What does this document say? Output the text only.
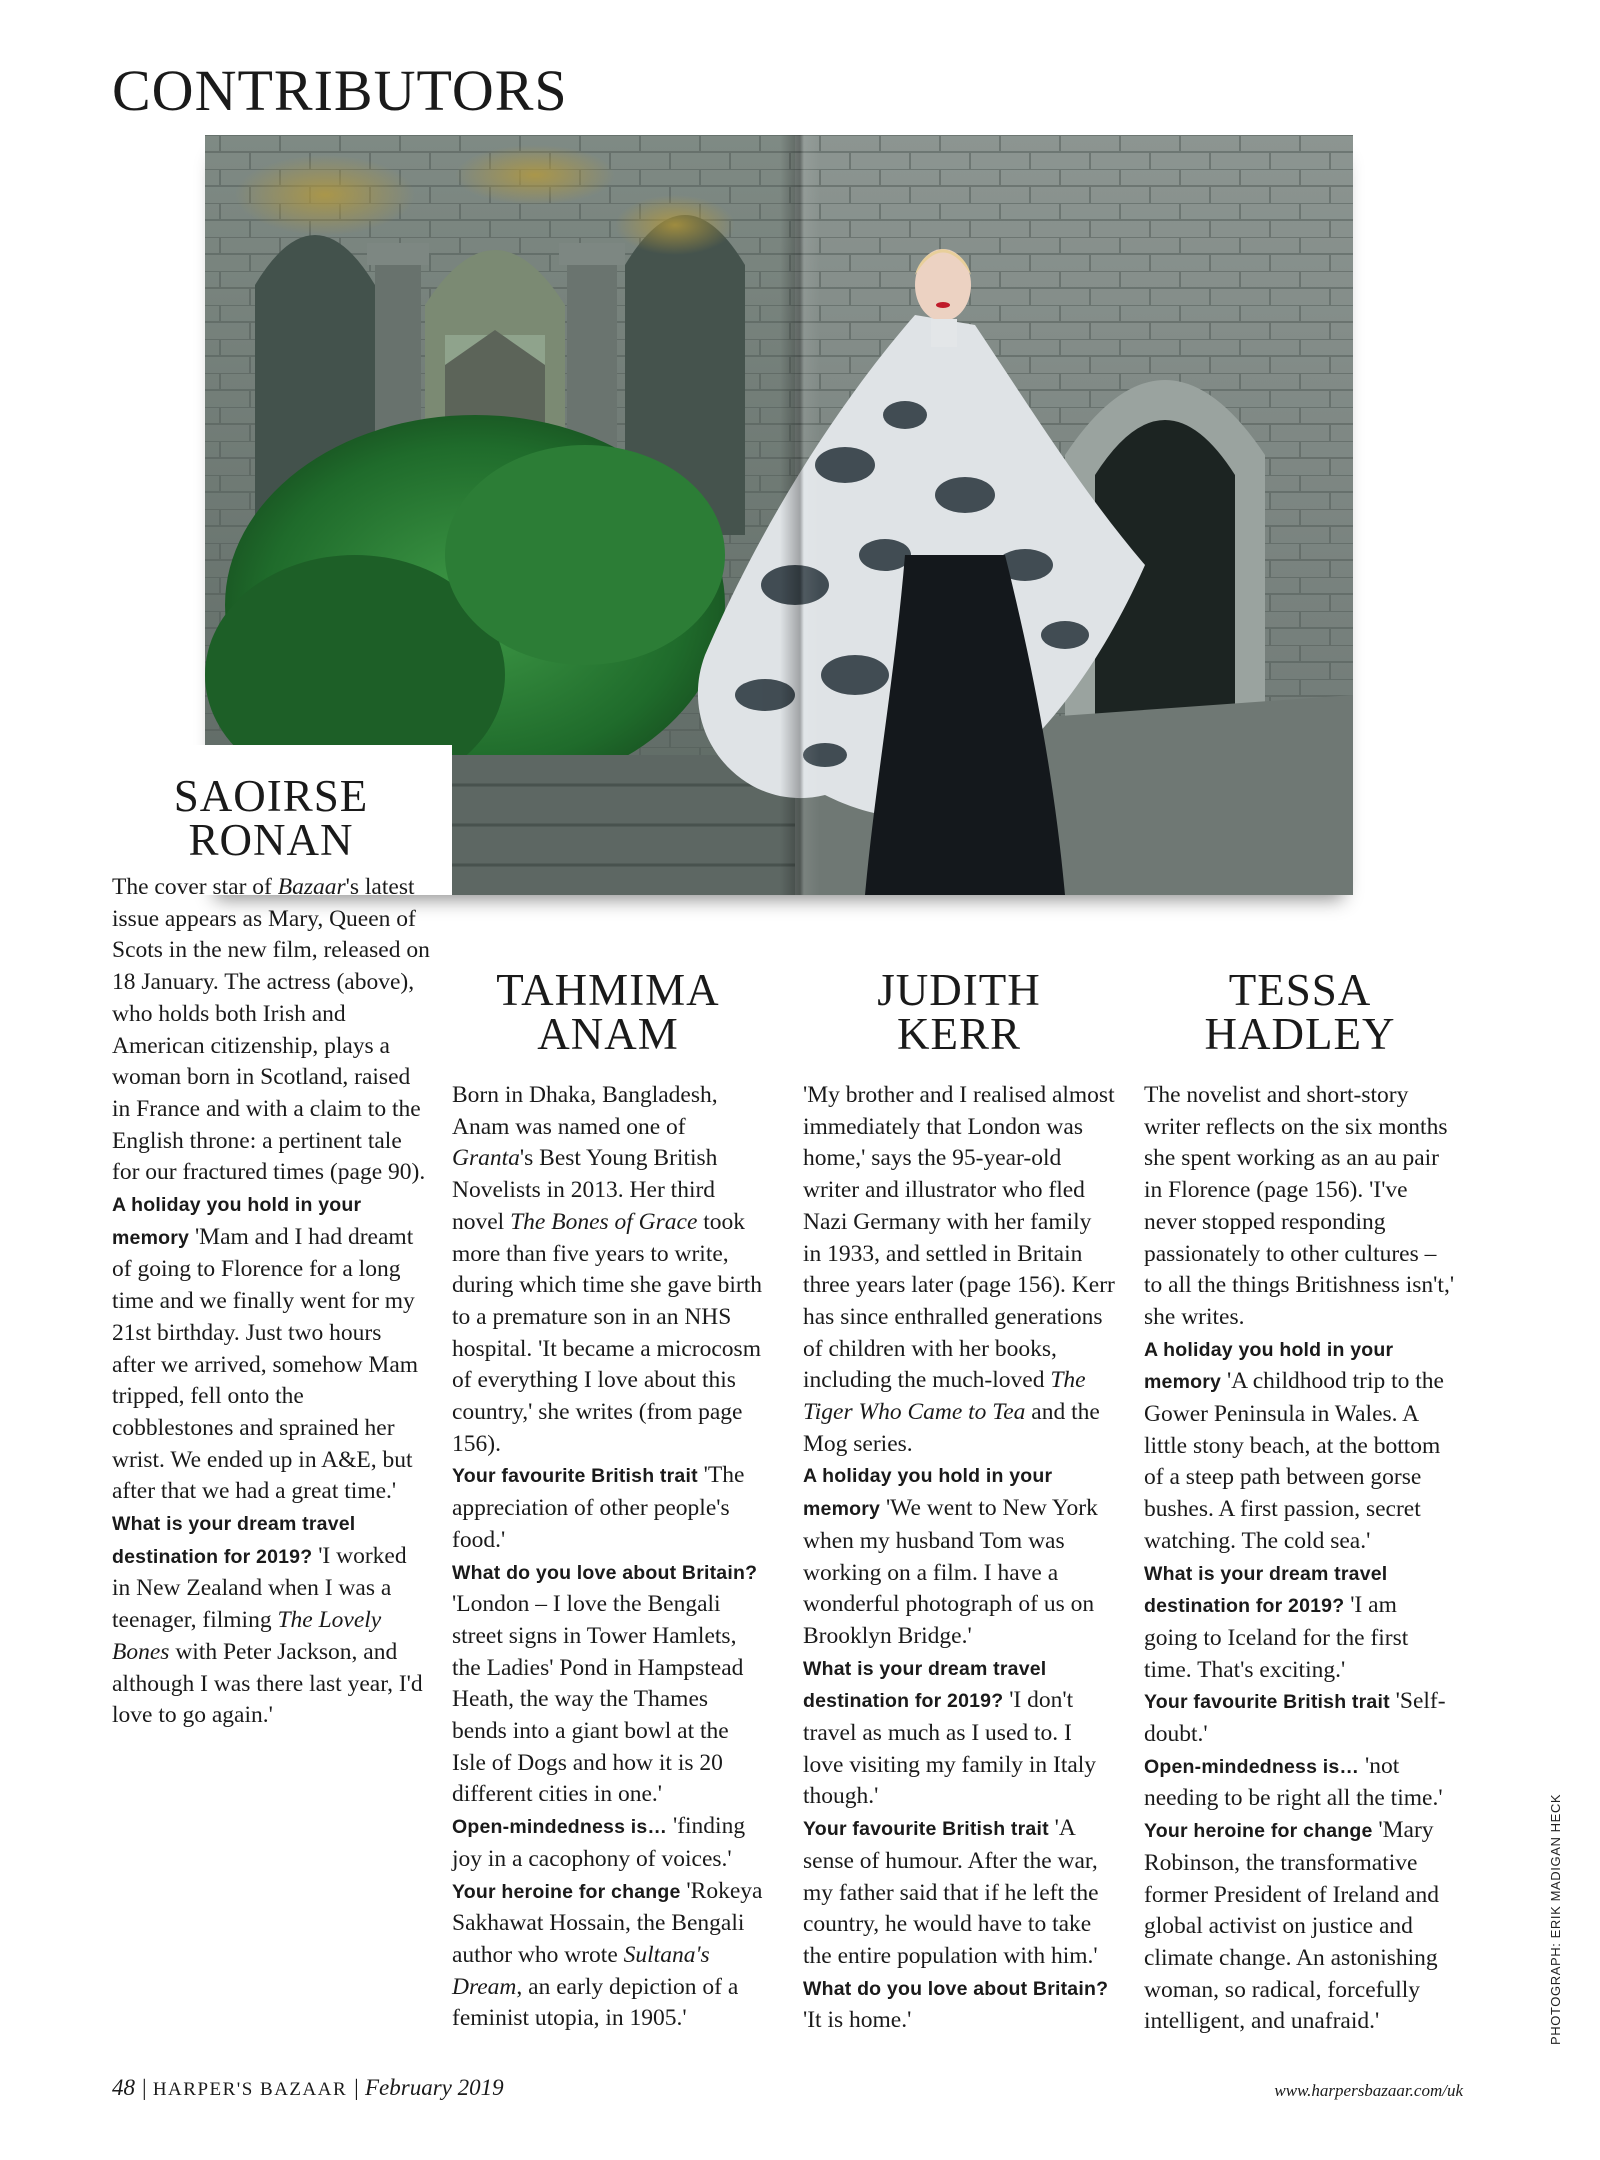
CONTRIBUTORS
SAOIRSE
RONAN

The cover star of Bazaar's latest issue appears as Mary, Queen of Scots in the new film, released on 18 January. The actress (above), who holds both Irish and American citizenship, plays a woman born in Scotland, raised in France and with a claim to the English throne: a pertinent tale for our fractured times (page 90).

A holiday you hold in your memory 'Mam and I had dreamt of going to Florence for a long time and we finally went for my 21st birthday. Just two hours after we arrived, somehow Mam tripped, fell onto the cobblestones and sprained her wrist. We ended up in A&E, but after that we had a great time.'

What is your dream travel destination for 2019? 'I worked in New Zealand when I was a teenager, filming The Lovely Bones with Peter Jackson, and although I was there last year, I'd love to go again.'

TAHMIMA
ANAM

Born in Dhaka, Bangladesh, Anam was named one of Granta's Best Young British Novelists in 2013. Her third novel The Bones of Grace took more than five years to write, during which time she gave birth to a premature son in an NHS hospital. 'It became a microcosm of everything I love about this country,' she writes (from page 156).

Your favourite British trait 'The appreciation of other people's food.'

What do you love about Britain? 'London – I love the Bengali street signs in Tower Hamlets, the Ladies' Pond in Hampstead Heath, the way the Thames bends into a giant bowl at the Isle of Dogs and how it is 20 different cities in one.'

Open-mindedness is… 'finding joy in a cacophony of voices.'

Your heroine for change 'Rokeya Sakhawat Hossain, the Bengali author who wrote Sultana's Dream, an early depiction of a feminist utopia, in 1905.'

JUDITH
KERR

'My brother and I realised almost immediately that London was home,' says the 95-year-old writer and illustrator who fled Nazi Germany with her family in 1933, and settled in Britain three years later (page 156). Kerr has since enthralled generations of children with her books, including the much-loved The Tiger Who Came to Tea and the Mog series.

A holiday you hold in your memory 'We went to New York when my husband Tom was working on a film. I have a wonderful photograph of us on Brooklyn Bridge.'

What is your dream travel destination for 2019? 'I don't travel as much as I used to. I love visiting my family in Italy though.'

Your favourite British trait 'A sense of humour. After the war, my father said that if he left the country, he would have to take the entire population with him.'

What do you love about Britain? 'It is home.'

TESSA
HADLEY

The novelist and short-story writer reflects on the six months she spent working as an au pair in Florence (page 156). 'I've never stopped responding passionately to other cultures – to all the things Britishness isn't,' she writes.

A holiday you hold in your memory 'A childhood trip to the Gower Peninsula in Wales. A little stony beach, at the bottom of a steep path between gorse bushes. A first passion, secret watching. The cold sea.'

What is your dream travel destination for 2019? 'I am going to Iceland for the first time. That's exciting.'

Your favourite British trait 'Self-doubt.'

Open-mindedness is… 'not needing to be right all the time.'

Your heroine for change 'Mary Robinson, the transformative former President of Ireland and global activist on justice and climate change. An astonishing woman, so radical, forcefully intelligent, and unafraid.'	PHOTOGRAPH: ERIK MADIGAN HECK
48 | HARPER'S BAZAAR | February 2019	www.harpersbazaar.com/uk
